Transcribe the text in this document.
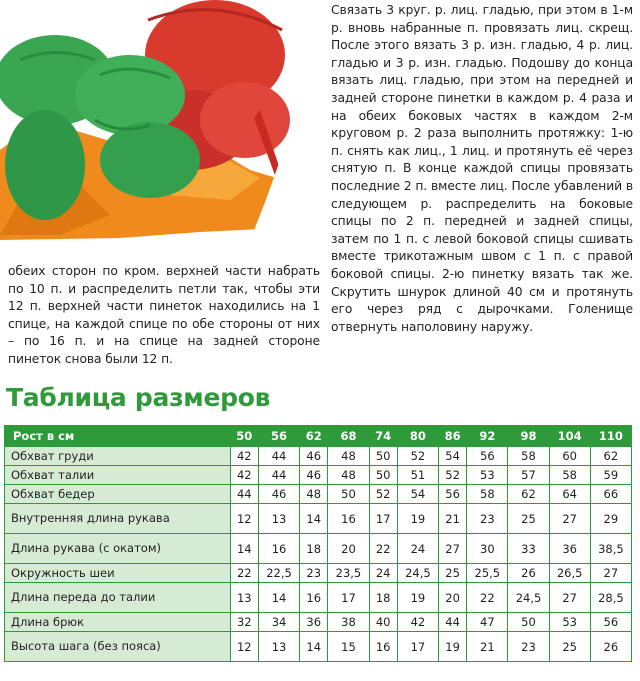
Связать 3 круг. р. лиц. гладью, при этом в 1-м р. вновь набранные п. провязать лиц. скрещ. После этого вязать 3 р. изн. гладью, 4 р. лиц. гладью и 3 р. изн. гладью. Подошву до конца вязать лиц. гладью, при этом на передней и задней стороне пинетки в каждом р. 4 раза и на обеих боковых частях в каждом 2-м круговом р. 2 раза выполнить протяжку: 1-ю п. снять как лиц., 1 лиц. и протянуть её через снятую п. В конце каждой спицы провязать последние 2 п. вместе лиц. После убавлений в следующем р. распределить на боковые спицы по 2 п. передней и задней спицы, затем по 1 п. с левой боковой спицы сшивать вместе трикотажным швом с 1 п. с правой боковой спицы. 2-ю пинетку вязать так же. Скрутить шнурок длиной 40 см и протянуть его через ряд с дырочками. Голенище отвернуть наполовину наружу.
обеих сторон по кром. верхней части набрать по 10 п. и распределить петли так, чтобы эти 12 п. верхней части пинеток находились на 1 спице, на каждой спице по обе стороны от них – по 16 п. и на спице на задней стороне пинеток снова были 12 п.
Таблица размеров
Рост в см	50	56	62	68	74	80	86	92	98	104	110
Обхват груди	42	44	46	48	50	52	54	56	58	60	62
Обхват талии	42	44	46	48	50	51	52	53	57	58	59
Обхват бедер	44	46	48	50	52	54	56	58	62	64	66
Внутренняя длина рукава	12	13	14	16	17	19	21	23	25	27	29
Длина рукава (с окатом)	14	16	18	20	22	24	27	30	33	36	38,5
Окружность шеи	22	22,5	23	23,5	24	24,5	25	25,5	26	26,5	27
Длина переда до талии	13	14	16	17	18	19	20	22	24,5	27	28,5
Длина брюк	32	34	36	38	40	42	44	47	50	53	56
Высота шага (без пояса)	12	13	14	15	16	17	19	21	23	25	26
